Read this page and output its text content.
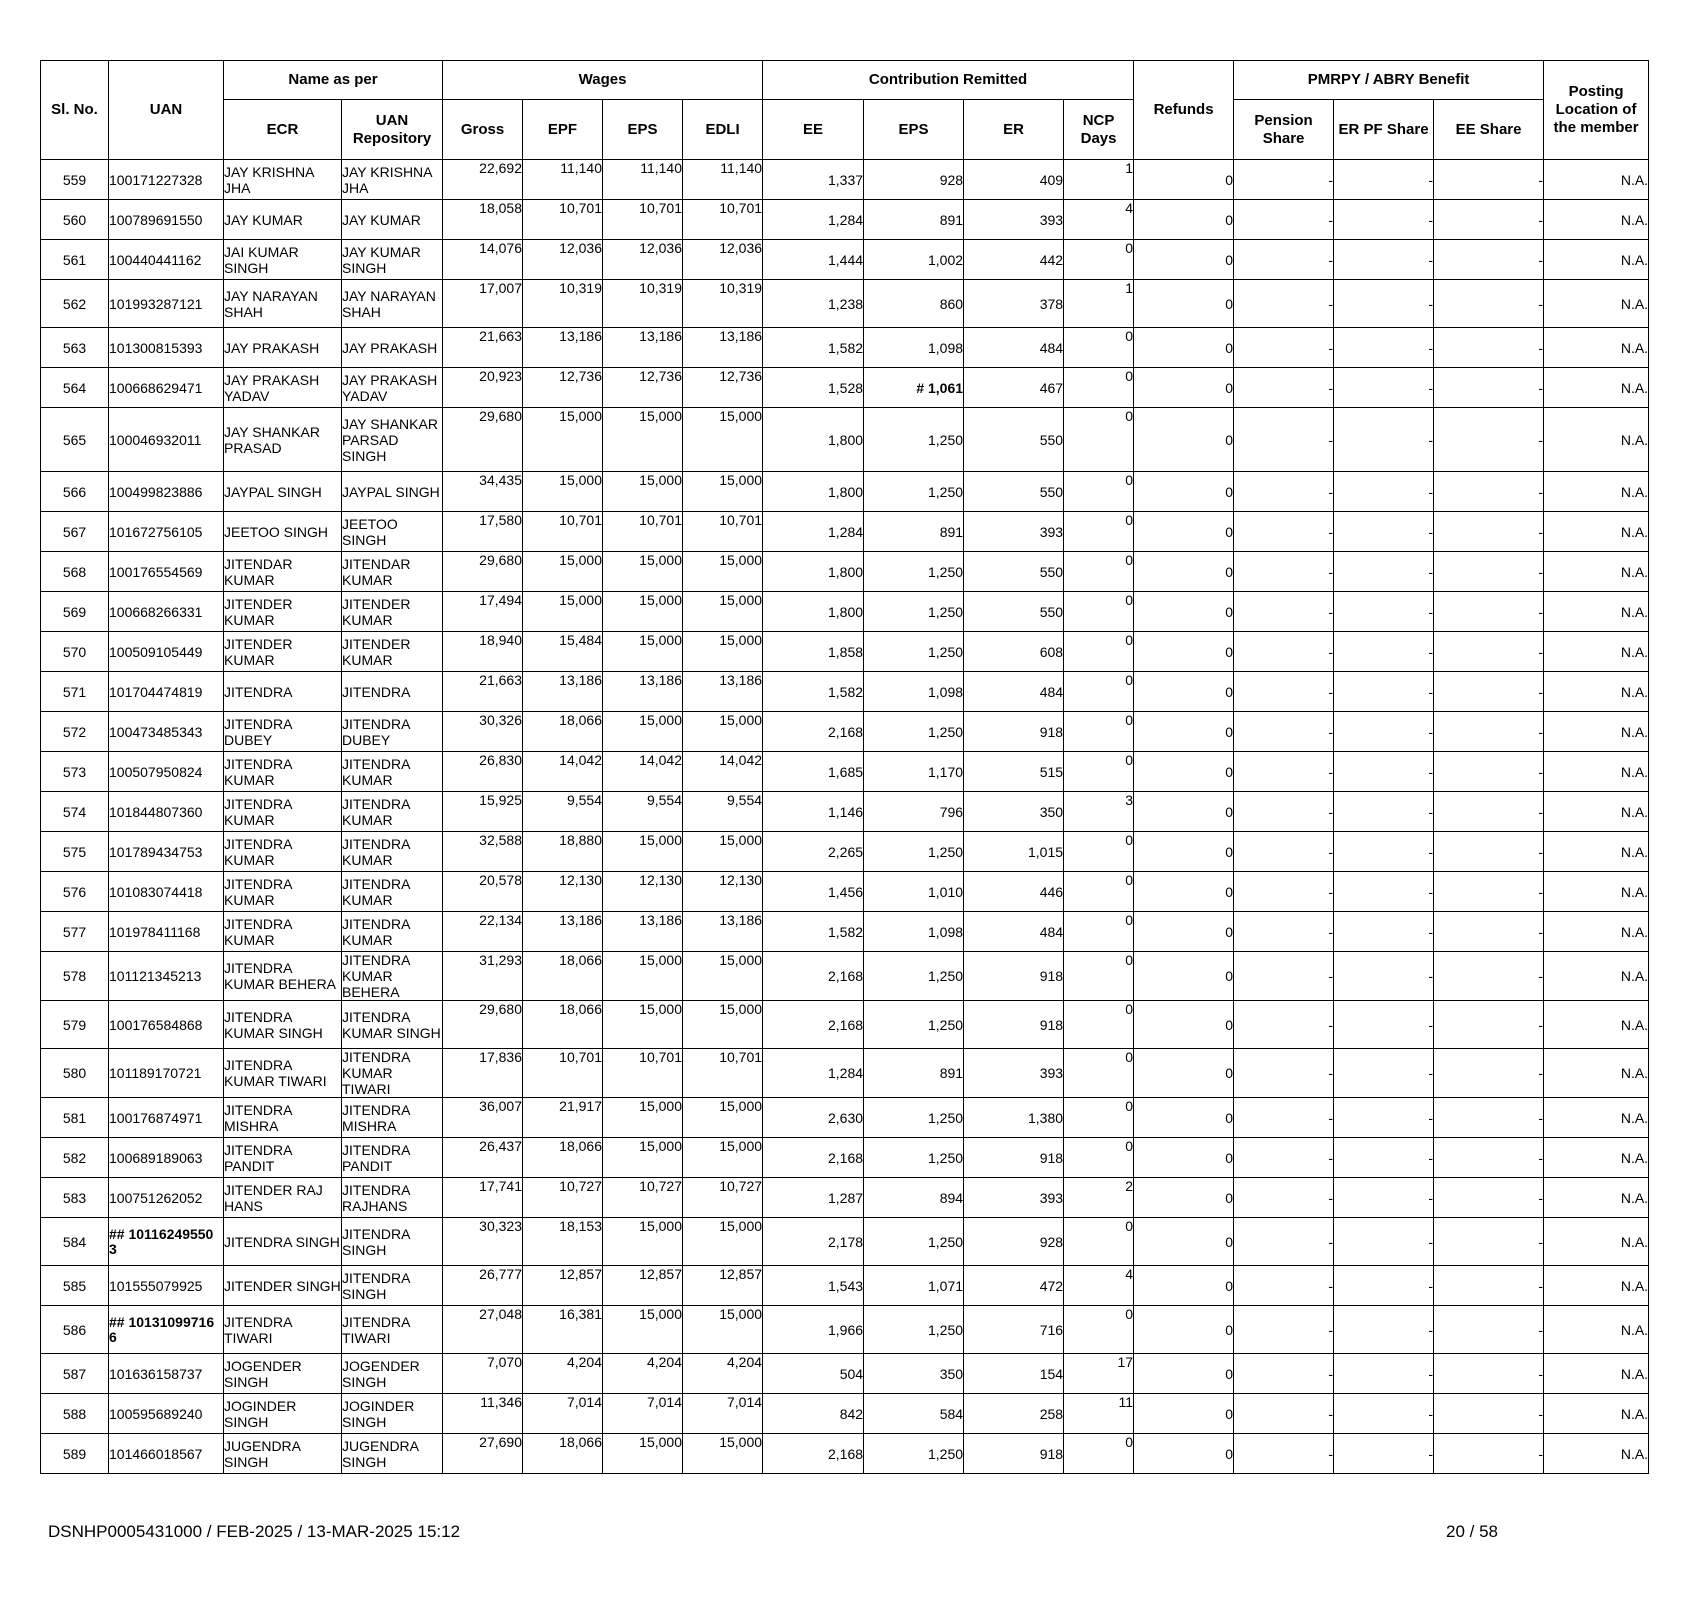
Sl. No.	UAN	Name as per		Wages				Contribution Remitted				Refunds	PMRPY / ABRY Benefit			Posting Location of the member
		ECR	UAN Repository	Gross	EPF	EPS	EDLI	EE	EPS	ER	NCP Days		Pension Share	ER PF Share	EE Share	
559	100171227328	JAY KRISHNA JHA	JAY KRISHNA JHA	22,692	11,140	11,140	11,140	1,337	928	409	1	0	-	-	-	N.A.
560	100789691550	JAY KUMAR	JAY KUMAR	18,058	10,701	10,701	10,701	1,284	891	393	4	0	-	-	-	N.A.
561	100440441162	JAI KUMAR SINGH	JAY KUMAR SINGH	14,076	12,036	12,036	12,036	1,444	1,002	442	0	0	-	-	-	N.A.
562	101993287121	JAY NARAYAN SHAH	JAY NARAYAN SHAH	17,007	10,319	10,319	10,319	1,238	860	378	1	0	-	-	-	N.A.
563	101300815393	JAY PRAKASH	JAY PRAKASH	21,663	13,186	13,186	13,186	1,582	1,098	484	0	0	-	-	-	N.A.
564	100668629471	JAY PRAKASH YADAV	JAY PRAKASH YADAV	20,923	12,736	12,736	12,736	1,528	# 1,061	467	0	0	-	-	-	N.A.
565	100046932011	JAY SHANKAR PRASAD	JAY SHANKAR PARSAD SINGH	29,680	15,000	15,000	15,000	1,800	1,250	550	0	0	-	-	-	N.A.
566	100499823886	JAYPAL SINGH	JAYPAL SINGH	34,435	15,000	15,000	15,000	1,800	1,250	550	0	0	-	-	-	N.A.
567	101672756105	JEETOO SINGH	JEETOO SINGH	17,580	10,701	10,701	10,701	1,284	891	393	0	0	-	-	-	N.A.
568	100176554569	JITENDAR KUMAR	JITENDAR KUMAR	29,680	15,000	15,000	15,000	1,800	1,250	550	0	0	-	-	-	N.A.
569	100668266331	JITENDER KUMAR	JITENDER KUMAR	17,494	15,000	15,000	15,000	1,800	1,250	550	0	0	-	-	-	N.A.
570	100509105449	JITENDER KUMAR	JITENDER KUMAR	18,940	15,484	15,000	15,000	1,858	1,250	608	0	0	-	-	-	N.A.
571	101704474819	JITENDRA	JITENDRA	21,663	13,186	13,186	13,186	1,582	1,098	484	0	0	-	-	-	N.A.
572	100473485343	JITENDRA DUBEY	JITENDRA DUBEY	30,326	18,066	15,000	15,000	2,168	1,250	918	0	0	-	-	-	N.A.
573	100507950824	JITENDRA KUMAR	JITENDRA KUMAR	26,830	14,042	14,042	14,042	1,685	1,170	515	0	0	-	-	-	N.A.
574	101844807360	JITENDRA KUMAR	JITENDRA KUMAR	15,925	9,554	9,554	9,554	1,146	796	350	3	0	-	-	-	N.A.
575	101789434753	JITENDRA KUMAR	JITENDRA KUMAR	32,588	18,880	15,000	15,000	2,265	1,250	1,015	0	0	-	-	-	N.A.
576	101083074418	JITENDRA KUMAR	JITENDRA KUMAR	20,578	12,130	12,130	12,130	1,456	1,010	446	0	0	-	-	-	N.A.
577	101978411168	JITENDRA KUMAR	JITENDRA KUMAR	22,134	13,186	13,186	13,186	1,582	1,098	484	0	0	-	-	-	N.A.
578	101121345213	JITENDRA KUMAR BEHERA	JITENDRA KUMAR BEHERA	31,293	18,066	15,000	15,000	2,168	1,250	918	0	0	-	-	-	N.A.
579	100176584868	JITENDRA KUMAR SINGH	JITENDRA KUMAR SINGH	29,680	18,066	15,000	15,000	2,168	1,250	918	0	0	-	-	-	N.A.
580	101189170721	JITENDRA KUMAR TIWARI	JITENDRA KUMAR TIWARI	17,836	10,701	10,701	10,701	1,284	891	393	0	0	-	-	-	N.A.
581	100176874971	JITENDRA MISHRA	JITENDRA MISHRA	36,007	21,917	15,000	15,000	2,630	1,250	1,380	0	0	-	-	-	N.A.
582	100689189063	JITENDRA PANDIT	JITENDRA PANDIT	26,437	18,066	15,000	15,000	2,168	1,250	918	0	0	-	-	-	N.A.
583	100751262052	JITENDER RAJ HANS	JITENDRA RAJHANS	17,741	10,727	10,727	10,727	1,287	894	393	2	0	-	-	-	N.A.
584	## 10116249550 3	JITENDRA SINGH	JITENDRA SINGH	30,323	18,153	15,000	15,000	2,178	1,250	928	0	0	-	-	-	N.A.
585	101555079925	JITENDER SINGH	JITENDRA SINGH	26,777	12,857	12,857	12,857	1,543	1,071	472	4	0	-	-	-	N.A.
586	## 10131099716 6	JITENDRA TIWARI	JITENDRA TIWARI	27,048	16,381	15,000	15,000	1,966	1,250	716	0	0	-	-	-	N.A.
587	101636158737	JOGENDER SINGH	JOGENDER SINGH	7,070	4,204	4,204	4,204	504	350	154	17	0	-	-	-	N.A.
588	100595689240	JOGINDER SINGH	JOGINDER SINGH	11,346	7,014	7,014	7,014	842	584	258	11	0	-	-	-	N.A.
589	101466018567	JUGENDRA SINGH	JUGENDRA SINGH	27,690	18,066	15,000	15,000	2,168	1,250	918	0	0	-	-	-	N.A.
DSNHP0005431000 / FEB-2025 / 13-MAR-2025 15:12	20 / 58
